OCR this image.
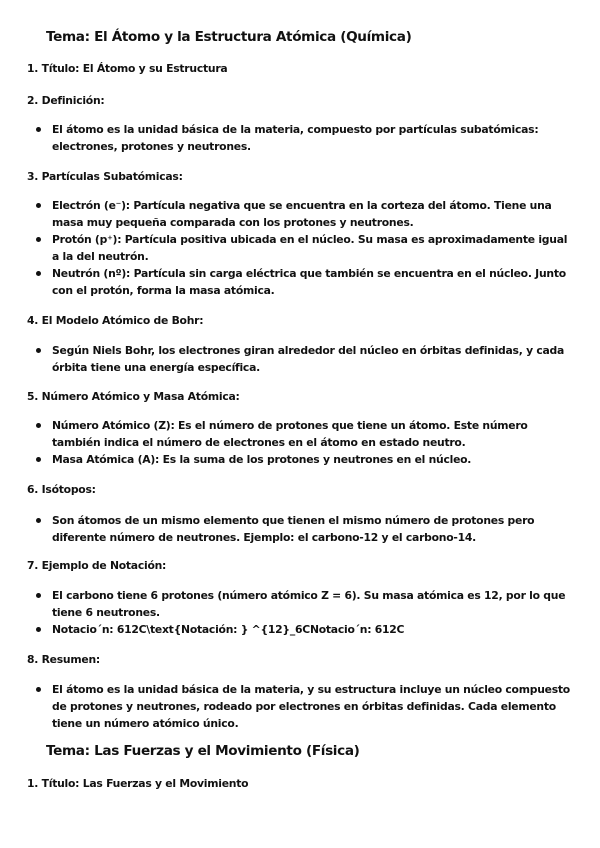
Tema: El Átomo y la Estructura Atómica (Química)
1. Título: El Átomo y su Estructura
2. Definición:
El átomo es la unidad básica de la materia, compuesto por partículas subatómicas: electrones, protones y neutrones.
3. Partículas Subatómicas:
Electrón (e⁻): Partícula negativa que se encuentra en la corteza del átomo. Tiene una masa muy pequeña comparada con los protones y neutrones.
Protón (p⁺): Partícula positiva ubicada en el núcleo. Su masa es aproximadamente igual a la del neutrón.
Neutrón (nº): Partícula sin carga eléctrica que también se encuentra en el núcleo. Junto con el protón, forma la masa atómica.
4. El Modelo Atómico de Bohr:
Según Niels Bohr, los electrones giran alrededor del núcleo en órbitas definidas, y cada órbita tiene una energía específica.
5. Número Atómico y Masa Atómica:
Número Atómico (Z): Es el número de protones que tiene un átomo. Este número también indica el número de electrones en el átomo en estado neutro.
Masa Atómica (A): Es la suma de los protones y neutrones en el núcleo.
6. Isótopos:
Son átomos de un mismo elemento que tienen el mismo número de protones pero diferente número de neutrones. Ejemplo: el carbono-12 y el carbono-14.
7. Ejemplo de Notación:
El carbono tiene 6 protones (número atómico Z = 6). Su masa atómica es 12, por lo que tiene 6 neutrones.
Notacio´n: 612C\text{Notación: } ^{12}_6CNotacio´n: 612C
8. Resumen:
El átomo es la unidad básica de la materia, y su estructura incluye un núcleo compuesto de protones y neutrones, rodeado por electrones en órbitas definidas. Cada elemento tiene un número atómico único.
Tema: Las Fuerzas y el Movimiento (Física)
1. Título: Las Fuerzas y el Movimiento
